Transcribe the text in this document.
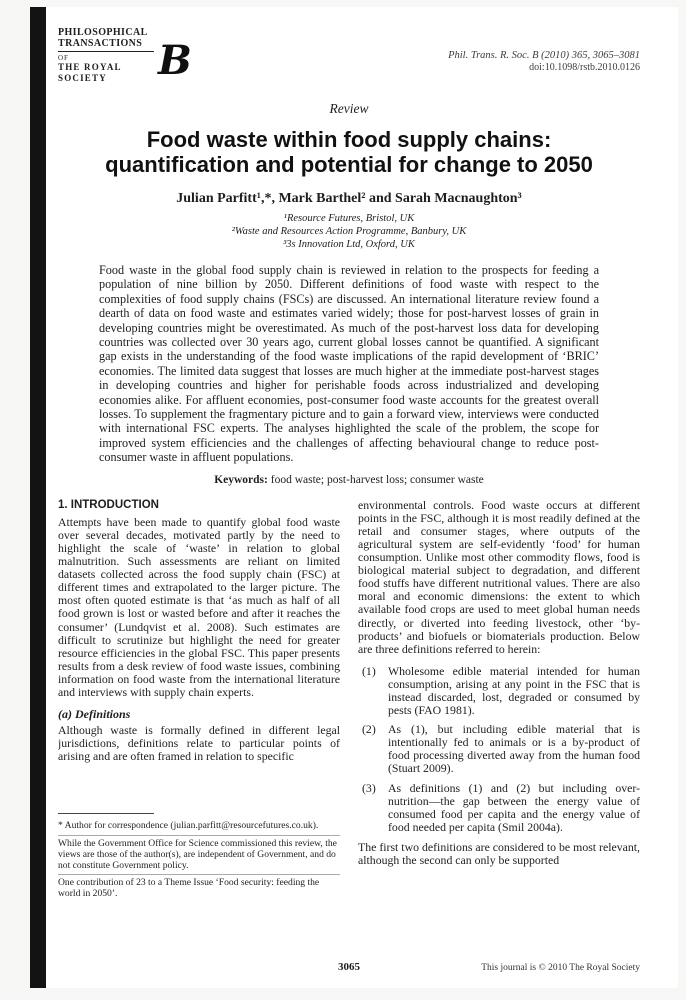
PHILOSOPHICAL
TRANSACTIONS
OF
THE ROYAL
SOCIETY	B	Phil. Trans. R. Soc. B (2010) 365, 3065–3081
doi:10.1098/rstb.2010.0126
Review
Food waste within food supply chains: quantification and potential for change to 2050
Julian Parfitt¹,*, Mark Barthel² and Sarah Macnaughton³
¹Resource Futures, Bristol, UK
²Waste and Resources Action Programme, Banbury, UK
³3s Innovation Ltd, Oxford, UK

Food waste in the global food supply chain is reviewed in relation to the prospects for feeding a population of nine billion by 2050. Different definitions of food waste with respect to the complexities of food supply chains (FSCs) are discussed. An international literature review found a dearth of data on food waste and estimates varied widely; those for post-harvest losses of grain in developing countries might be overestimated. As much of the post-harvest loss data for developing countries was collected over 30 years ago, current global losses cannot be quantified. A significant gap exists in the understanding of the food waste implications of the rapid development of ‘BRIC’ economies. The limited data suggest that losses are much higher at the immediate post-harvest stages in developing countries and higher for perishable foods across industrialized and developing economies alike. For affluent economies, post-consumer food waste accounts for the greatest overall losses. To supplement the fragmentary picture and to gain a forward view, interviews were conducted with international FSC experts. The analyses highlighted the scale of the problem, the scope for improved system efficiencies and the challenges of affecting behavioural change to reduce post-consumer waste in affluent populations.

Keywords: food waste; post-harvest loss; consumer waste
1. INTRODUCTION

Attempts have been made to quantify global food waste over several decades, motivated partly by the need to highlight the scale of ‘waste’ in relation to global malnutrition. Such assessments are reliant on limited datasets collected across the food supply chain (FSC) at different times and extrapolated to the larger picture. The most often quoted estimate is that ‘as much as half of all food grown is lost or wasted before and after it reaches the consumer’ (Lundqvist et al. 2008). Such estimates are difficult to scrutinize but highlight the need for greater resource efficiencies in the global FSC. This paper presents results from a desk review of food waste issues, combining information on food waste from the international literature and interviews with supply chain experts.

(a) Definitions

Although waste is formally defined in different legal jurisdictions, definitions relate to particular points of arising and are often framed in relation to specific

* Author for correspondence (julian.parfitt@resourcefutures.co.uk).
While the Government Office for Science commissioned this review, the views are those of the author(s), are independent of Government, and do not constitute Government policy.
One contribution of 23 to a Theme Issue ‘Food security: feeding the world in 2050’.

environmental controls. Food waste occurs at different points in the FSC, although it is most readily defined at the retail and consumer stages, where outputs of the agricultural system are self-evidently ‘food’ for human consumption. Unlike most other commodity flows, food is biological material subject to degradation, and different food stuffs have different nutritional values. There are also moral and economic dimensions: the extent to which available food crops are used to meet global human needs directly, or diverted into feeding livestock, other ‘by-products’ and biofuels or biomaterials production. Below are three definitions referred to herein:

(1)	Wholesome edible material intended for human consumption, arising at any point in the FSC that is instead discarded, lost, degraded or consumed by pests (FAO 1981).
(2)	As (1), but including edible material that is intentionally fed to animals or is a by-product of food processing diverted away from the human food (Stuart 2009).
(3)	As definitions (1) and (2) but including over-nutrition—the gap between the energy value of consumed food per capita and the energy value of food needed per capita (Smil 2004a).

The first two definitions are considered to be most relevant, although the second can only be supported

3065	This journal is © 2010 The Royal Society
